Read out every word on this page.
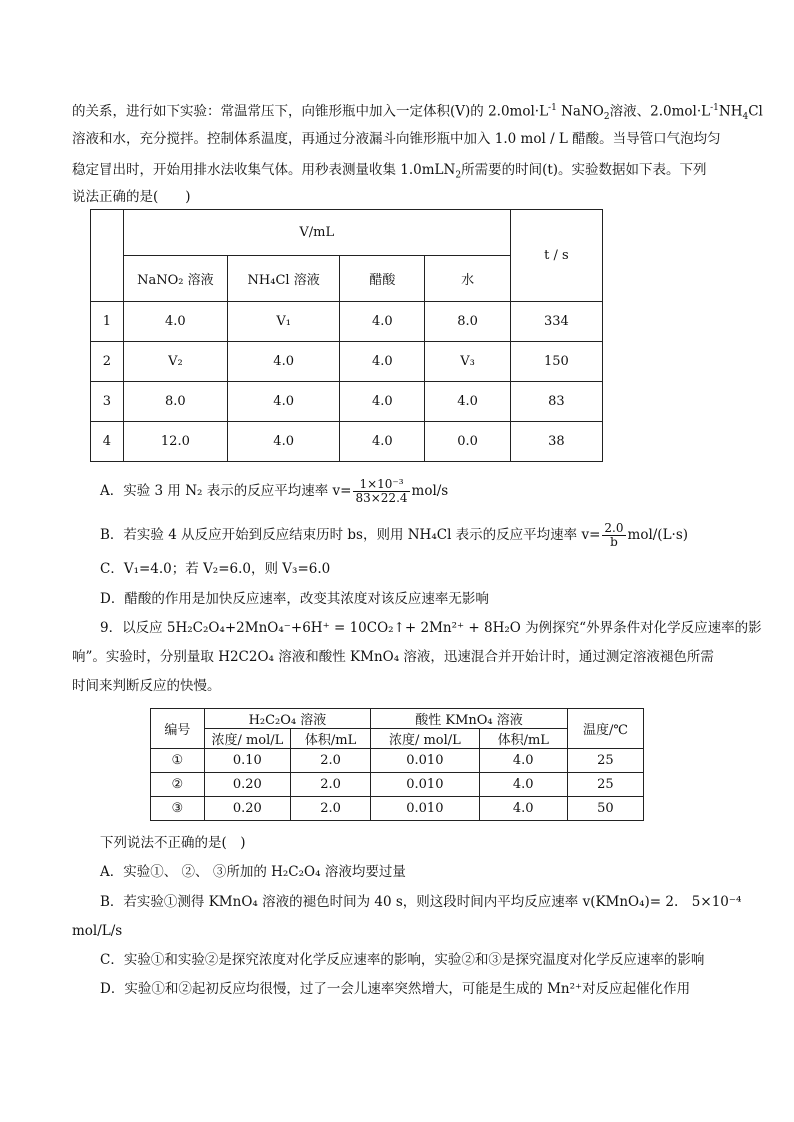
的关系，进行如下实验：常温常压下，向锥形瓶中加入一定体积(V)的 $2.0mol\cdot L^{-1}$ NaNO$_2$溶液、$2.0mol\cdot L^{-1}NH_4Cl$
溶液和水，充分搅拌。控制体系温度，再通过分液漏斗向锥形瓶中加入 1.0 mol / L 醋酸。当导管口气泡均匀
稳定冒出时，开始用排水法收集气体。用秒表测量收集 1.0mLN$_2$所需要的时间(t)。实验数据如下表。下列
说法正确的是(　　)
	V/mL				t / s
	NaNO₂ 溶液	NH₄Cl 溶液	醋酸	水	
1	4.0	V₁	4.0	8.0	334
2	V₂	4.0	4.0	V₃	150
3	8.0	4.0	4.0	4.0	83
4	12.0	4.0	4.0	0.0	38
A．实验 3 用 N₂ 表示的反应平均速率 $v= \frac{\text{1×10⁻³}}{83\times 22.4} mol/s$
B．若实验 4 从反应开始到反应结束历时 bs，则用 NH₄Cl 表示的反应平均速率 $v= \frac{2.0}{b} mol/(L\cdot s)$
C．V₁=4.0；若 V₂=6.0，则 V₃=6.0
D．醋酸的作用是加快反应速率，改变其浓度对该反应速率无影响
9．以反应 5H₂C₂O₄+2MnO₄⁻+6H⁺ = 10CO₂↑+ 2Mn²⁺ + 8H₂O 为例探究“外界条件对化学反应速率的影
响”。实验时，分别量取 H2C2O₄ 溶液和酸性 KMnO₄ 溶液，迅速混合并开始计时，通过测定溶液褪色所需
时间来判断反应的快慢。
编号	H₂C₂O₄ 溶液		酸性 KMnO₄ 溶液		温度/℃
	浓度/ mol/L	体积/mL	浓度/ mol/L	体积/mL	
①	0.10	2.0	0.010	4.0	25
②	0.20	2.0	0.010	4.0	25
③	0.20	2.0	0.010	4.0	50
下列说法不正确的是(　)
A．实验①、 ②、 ③所加的 H₂C₂O₄ 溶液均要过量
B．若实验①测得 KMnO₄ 溶液的褪色时间为 40 s，则这段时间内平均反应速率 v(KMnO₄)= 2.　5×10⁻⁴
mol/L/s
C．实验①和实验②是探究浓度对化学反应速率的影响，实验②和③是探究温度对化学反应速率的影响
D．实验①和②起初反应均很慢，过了一会儿速率突然增大，可能是生成的 Mn²⁺对反应起催化作用
